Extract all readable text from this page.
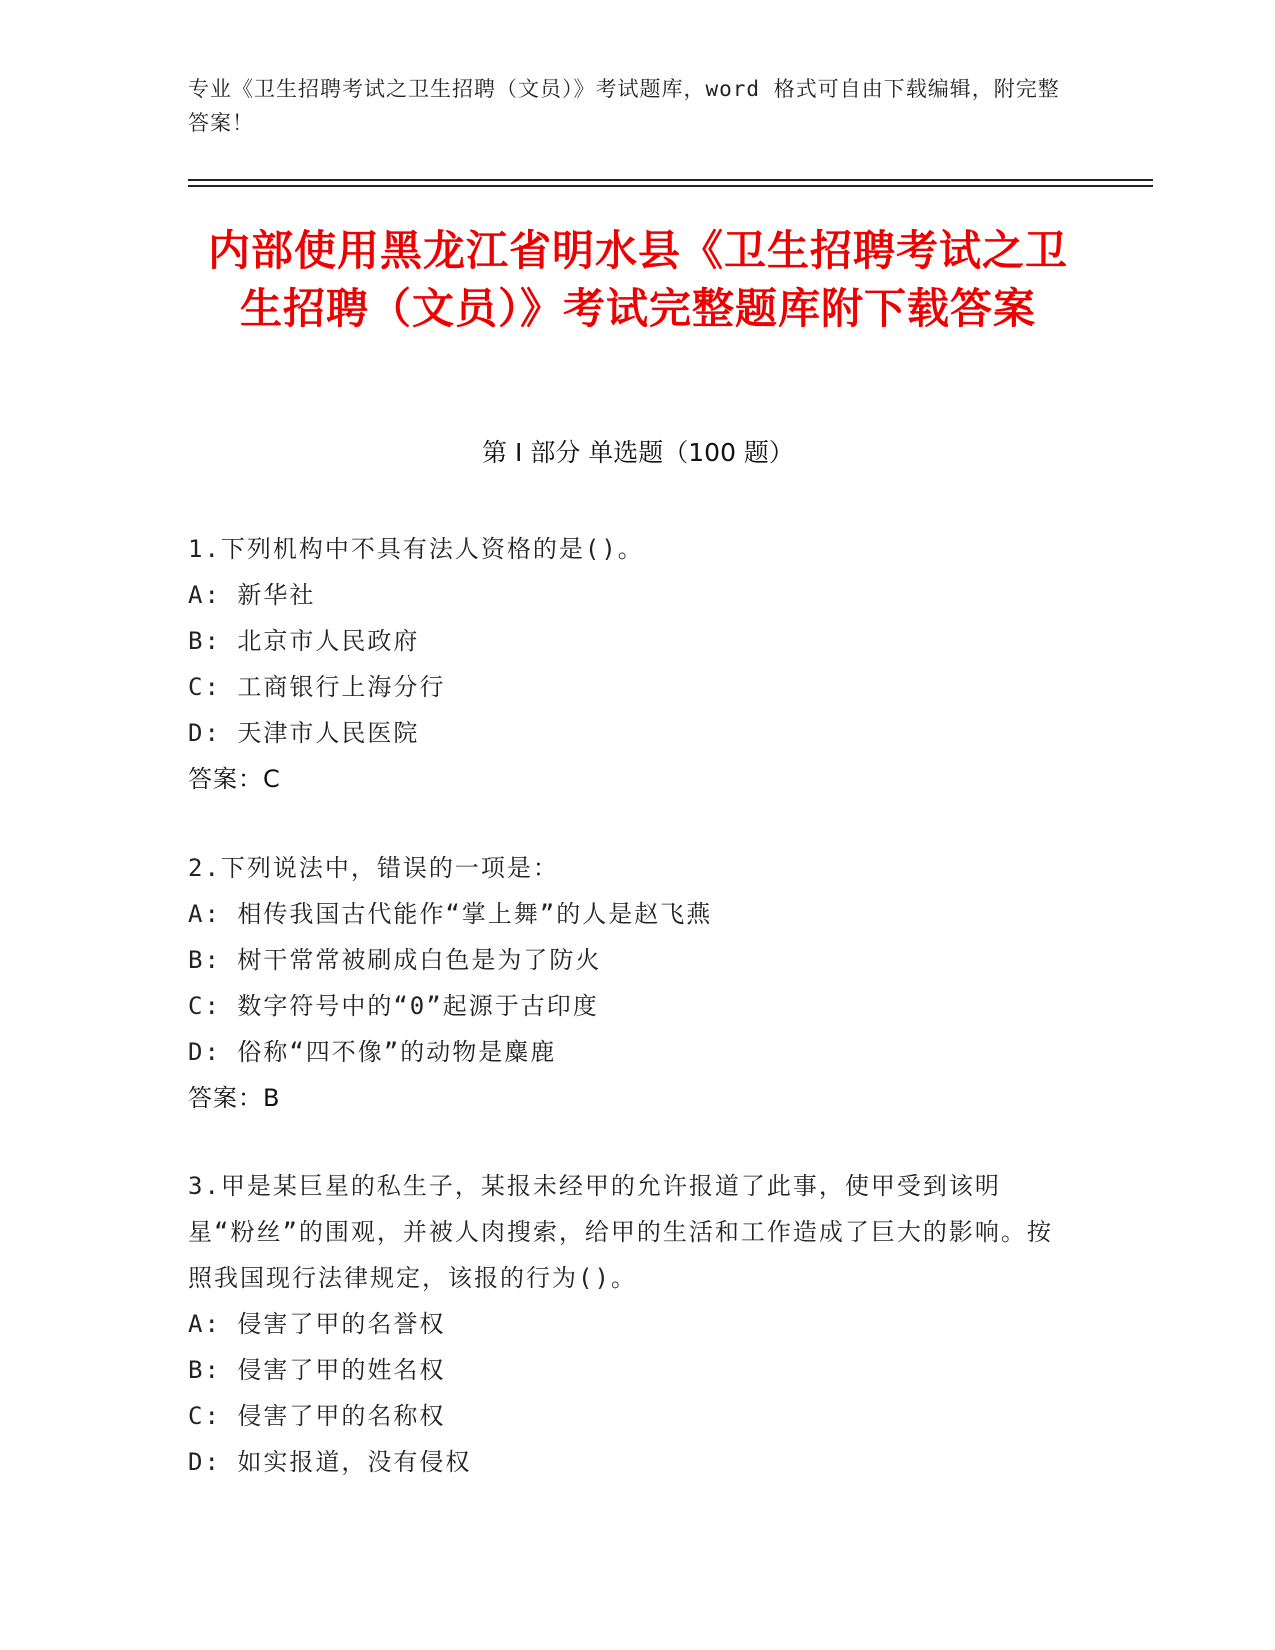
专业《卫生招聘考试之卫生招聘（文员）》考试题库，word 格式可自由下载编辑，附完整答案！
内部使用黑龙江省明水县《卫生招聘考试之卫生招聘（文员）》考试完整题库附下载答案
第 I 部分 单选题（100 题）

1.下列机构中不具有法人资格的是()。

A: 新华社

B: 北京市人民政府

C: 工商银行上海分行

D: 天津市人民医院

答案：C

2.下列说法中，错误的一项是：

A: 相传我国古代能作“掌上舞”的人是赵飞燕

B: 树干常常被刷成白色是为了防火

C: 数字符号中的“0”起源于古印度

D: 俗称“四不像”的动物是麋鹿

答案：B

3.甲是某巨星的私生子，某报未经甲的允许报道了此事，使甲受到该明星“粉丝”的围观，并被人肉搜索，给甲的生活和工作造成了巨大的影响。按照我国现行法律规定，该报的行为()。

A: 侵害了甲的名誉权

B: 侵害了甲的姓名权

C: 侵害了甲的名称权

D: 如实报道，没有侵权
